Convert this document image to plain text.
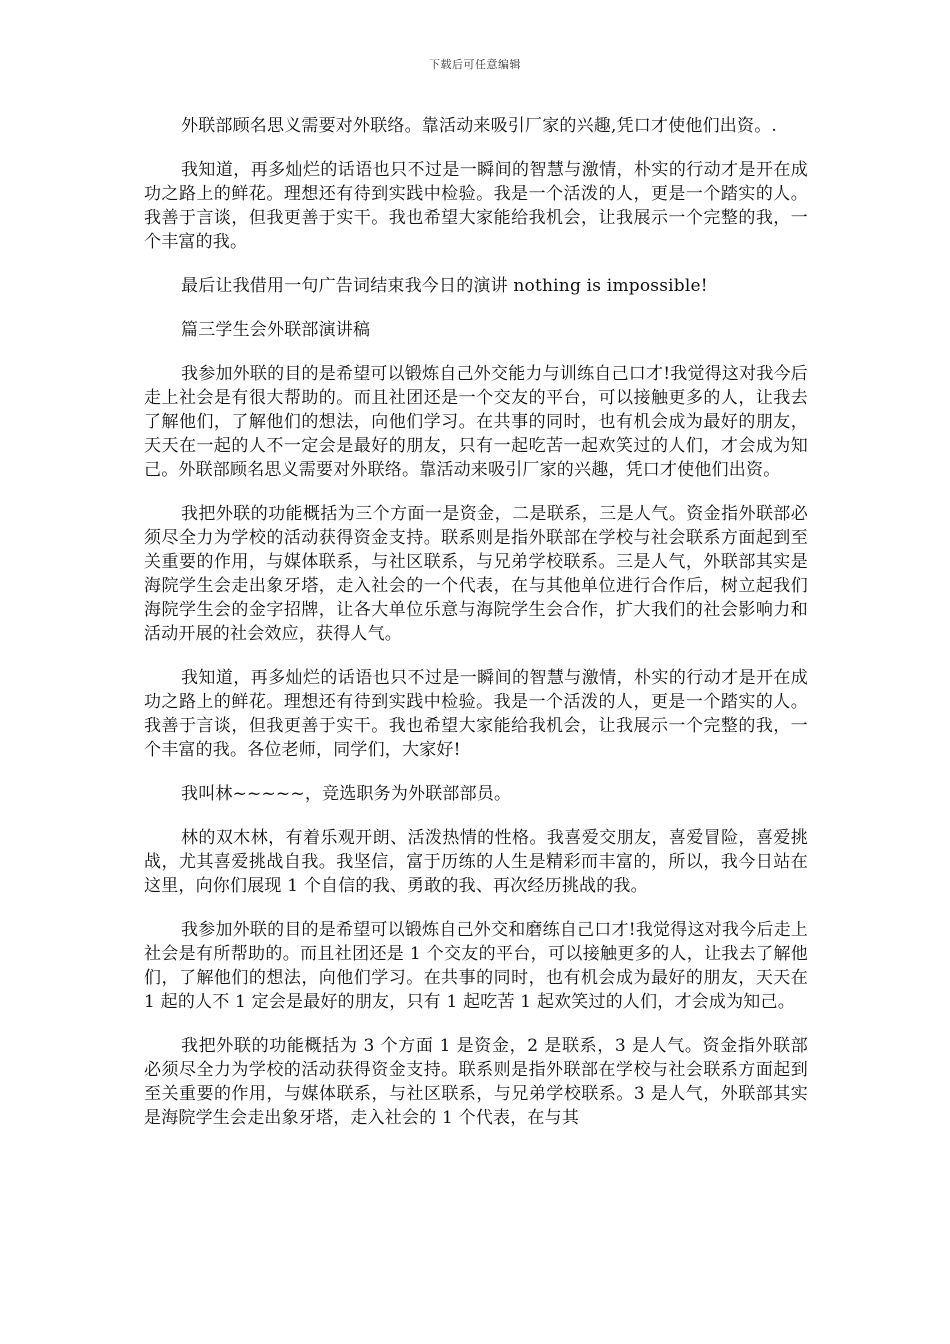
下载后可任意编辑

外联部顾名思义需要对外联络。靠活动来吸引厂家的兴趣,凭口才使他们出资。.

我知道，再多灿烂的话语也只不过是一瞬间的智慧与激情，朴实的行动才是开在成功之路上的鲜花。理想还有待到实践中检验。我是一个活泼的人，更是一个踏实的人。我善于言谈，但我更善于实干。我也希望大家能给我机会，让我展示一个完整的我，一个丰富的我。

最后让我借用一句广告词结束我今日的演讲 nothing is impossible!

篇三学生会外联部演讲稿

我参加外联的目的是希望可以锻炼自己外交能力与训练自己口才!我觉得这对我今后走上社会是有很大帮助的。而且社团还是一个交友的平台，可以接触更多的人，让我去了解他们，了解他们的想法，向他们学习。在共事的同时，也有机会成为最好的朋友，天天在一起的人不一定会是最好的朋友，只有一起吃苦一起欢笑过的人们，才会成为知己。外联部顾名思义需要对外联络。靠活动来吸引厂家的兴趣，凭口才使他们出资。

我把外联的功能概括为三个方面一是资金，二是联系，三是人气。资金指外联部必须尽全力为学校的活动获得资金支持。联系则是指外联部在学校与社会联系方面起到至关重要的作用，与媒体联系，与社区联系，与兄弟学校联系。三是人气，外联部其实是海院学生会走出象牙塔，走入社会的一个代表，在与其他单位进行合作后，树立起我们海院学生会的金字招牌，让各大单位乐意与海院学生会合作，扩大我们的社会影响力和活动开展的社会效应，获得人气。

我知道，再多灿烂的话语也只不过是一瞬间的智慧与激情，朴实的行动才是开在成功之路上的鲜花。理想还有待到实践中检验。我是一个活泼的人，更是一个踏实的人。我善于言谈，但我更善于实干。我也希望大家能给我机会，让我展示一个完整的我，一个丰富的我。各位老师，同学们，大家好!

我叫林~~~~~，竞选职务为外联部部员。

林的双木林，有着乐观开朗、活泼热情的性格。我喜爱交朋友，喜爱冒险，喜爱挑战，尤其喜爱挑战自我。我坚信，富于历练的人生是精彩而丰富的，所以，我今日站在这里，向你们展现 1 个自信的我、勇敢的我、再次经历挑战的我。

我参加外联的目的是希望可以锻炼自己外交和磨练自己口才!我觉得这对我今后走上社会是有所帮助的。而且社团还是 1 个交友的平台，可以接触更多的人，让我去了解他们，了解他们的想法，向他们学习。在共事的同时，也有机会成为最好的朋友，天天在 1 起的人不 1 定会是最好的朋友，只有 1 起吃苦 1 起欢笑过的人们，才会成为知己。

我把外联的功能概括为 3 个方面 1 是资金，2 是联系，3 是人气。资金指外联部必须尽全力为学校的活动获得资金支持。联系则是指外联部在学校与社会联系方面起到至关重要的作用，与媒体联系，与社区联系，与兄弟学校联系。3 是人气，外联部其实是海院学生会走出象牙塔，走入社会的 1 个代表，在与其
